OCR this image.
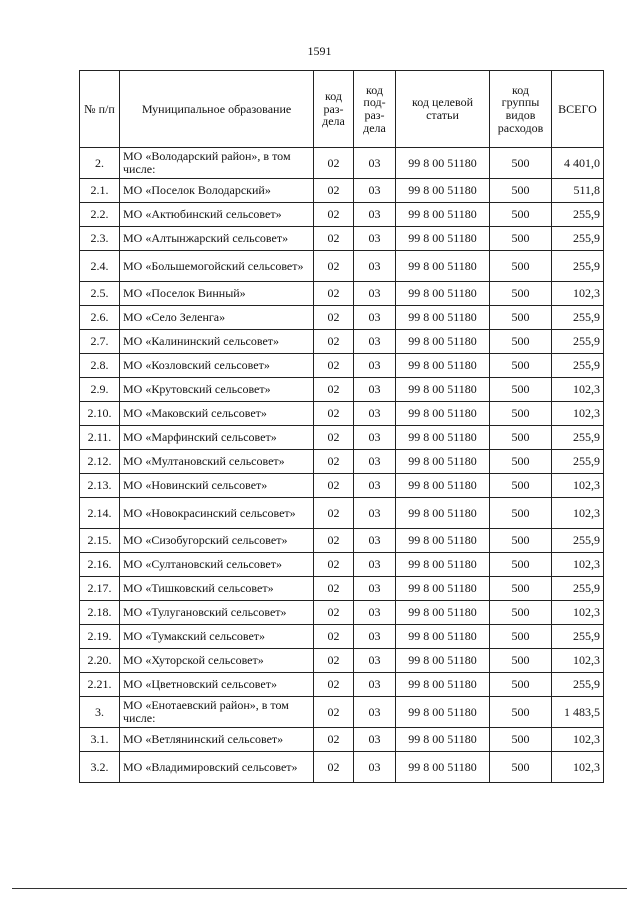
1591
№ п/п	Муниципальное образование	код раз-дела	код под-раз-дела	код целевой статьи	код группы видов расходов	ВСЕГО
2.	МО «Володарский район», в том числе:	02	03	99 8 00 51180	500	4 401,0
2.1.	МО «Поселок Володарский»	02	03	99 8 00 51180	500	511,8
2.2.	МО «Актюбинский сельсовет»	02	03	99 8 00 51180	500	255,9
2.3.	МО «Алтынжарский сельсовет»	02	03	99 8 00 51180	500	255,9
2.4.	МО «Большемогойский сельсовет»	02	03	99 8 00 51180	500	255,9
2.5.	МО «Поселок Винный»	02	03	99 8 00 51180	500	102,3
2.6.	МО «Село Зеленга»	02	03	99 8 00 51180	500	255,9
2.7.	МО «Калининский сельсовет»	02	03	99 8 00 51180	500	255,9
2.8.	МО «Козловский сельсовет»	02	03	99 8 00 51180	500	255,9
2.9.	МО «Крутовский сельсовет»	02	03	99 8 00 51180	500	102,3
2.10.	МО «Маковский сельсовет»	02	03	99 8 00 51180	500	102,3
2.11.	МО «Марфинский сельсовет»	02	03	99 8 00 51180	500	255,9
2.12.	МО «Мултановский сельсовет»	02	03	99 8 00 51180	500	255,9
2.13.	МО «Новинский сельсовет»	02	03	99 8 00 51180	500	102,3
2.14.	МО «Новокрасинский сельсовет»	02	03	99 8 00 51180	500	102,3
2.15.	МО «Сизобугорский сельсовет»	02	03	99 8 00 51180	500	255,9
2.16.	МО «Султановский сельсовет»	02	03	99 8 00 51180	500	102,3
2.17.	МО «Тишковский сельсовет»	02	03	99 8 00 51180	500	255,9
2.18.	МО «Тулугановский сельсовет»	02	03	99 8 00 51180	500	102,3
2.19.	МО «Тумакский сельсовет»	02	03	99 8 00 51180	500	255,9
2.20.	МО «Хуторской сельсовет»	02	03	99 8 00 51180	500	102,3
2.21.	МО «Цветновский сельсовет»	02	03	99 8 00 51180	500	255,9
3.	МО «Енотаевский район», в том числе:	02	03	99 8 00 51180	500	1 483,5
3.1.	МО «Ветлянинский сельсовет»	02	03	99 8 00 51180	500	102,3
3.2.	МО «Владимировский сельсовет»	02	03	99 8 00 51180	500	102,3
